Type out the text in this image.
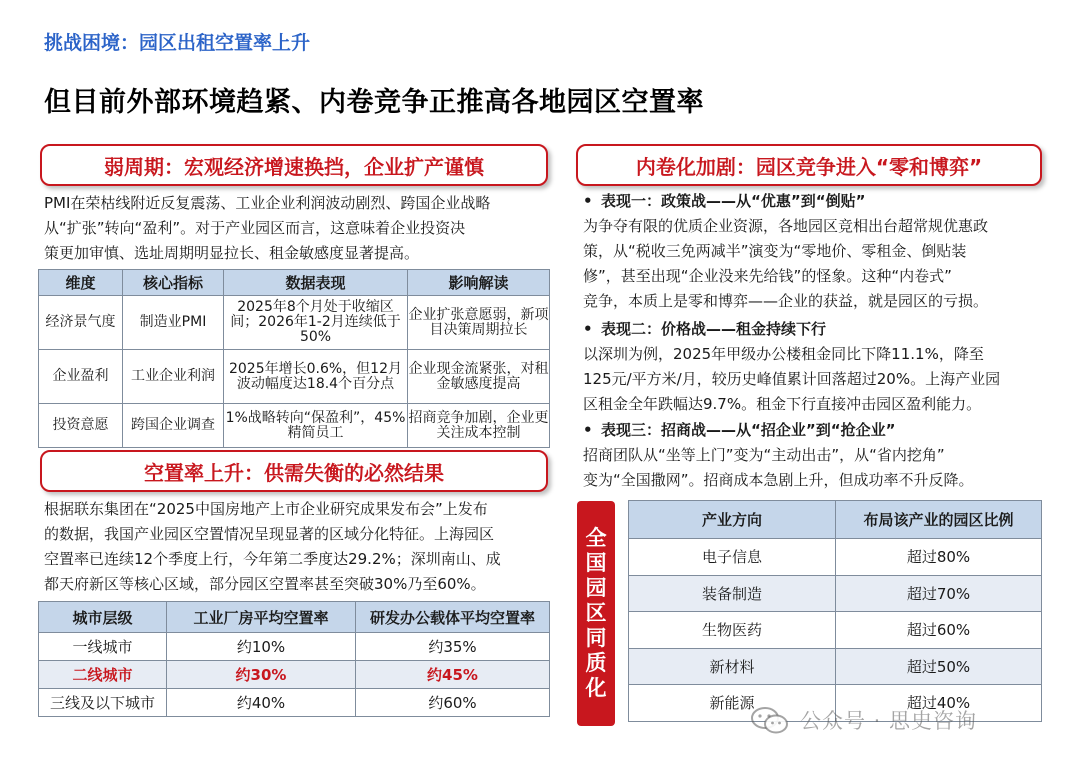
挑战困境：园区出租空置率上升
但目前外部环境趋紧、内卷竞争正推高各地园区空置率
弱周期：宏观经济增速换挡，企业扩产谨慎
PMI在荣枯线附近反复震荡、工业企业利润波动剧烈、跨国企业战略
从“扩张”转向“盈利”。对于产业园区而言，这意味着企业投资决
策更加审慎、选址周期明显拉长、租金敏感度显著提高。
维度	核心指标	数据表现	影响解读
经济景气度	制造业PMI	2025年8个月处于收缩区间；2026年1-2月连续低于50%	企业扩张意愿弱，新项目决策周期拉长
企业盈利	工业企业利润	2025年增长0.6%，但12月波动幅度达18.4个百分点	企业现金流紧张，对租金敏感度提高
投资意愿	跨国企业调查	1%战略转向“保盈利”，45%精简员工	招商竞争加剧，企业更关注成本控制
空置率上升：供需失衡的必然结果
根据联东集团在“2025中国房地产上市企业研究成果发布会”上发布
的数据，我国产业园区空置情况呈现显著的区域分化特征。上海园区
空置率已连续12个季度上行，今年第二季度达29.2%；深圳南山、成
都天府新区等核心区域，部分园区空置率甚至突破30%乃至60%。
城市层级	工业厂房平均空置率	研发办公载体平均空置率
一线城市	约10%	约35%
二线城市	约30%	约45%
三线及以下城市	约40%	约60%
内卷化加剧：园区竞争进入“零和博弈”
• 表现一：政策战——从“优惠”到“倒贴”
为争夺有限的优质企业资源，各地园区竞相出台超常规优惠政
策，从“税收三免两减半”演变为“零地价、零租金、倒贴装
修”，甚至出现“企业没来先给钱”的怪象。这种“内卷式”
竞争，本质上是零和博弈——企业的获益，就是园区的亏损。
• 表现二：价格战——租金持续下行
以深圳为例，2025年甲级办公楼租金同比下降11.1%，降至
125元/平方米/月，较历史峰值累计回落超过20%。上海产业园
区租金全年跌幅达9.7%。租金下行直接冲击园区盈利能力。
• 表现三：招商战——从“招企业”到“抢企业”
招商团队从“坐等上门”变为“主动出击”，从“省内挖角”
变为“全国撒网”。招商成本急剧上升，但成功率不升反降。
全
国
园
区
同
质
化
产业方向	布局该产业的园区比例
电子信息	超过80%
装备制造	超过70%
生物医药	超过60%
新材料	超过50%
新能源	超过40%
公众号 · 思史咨询
